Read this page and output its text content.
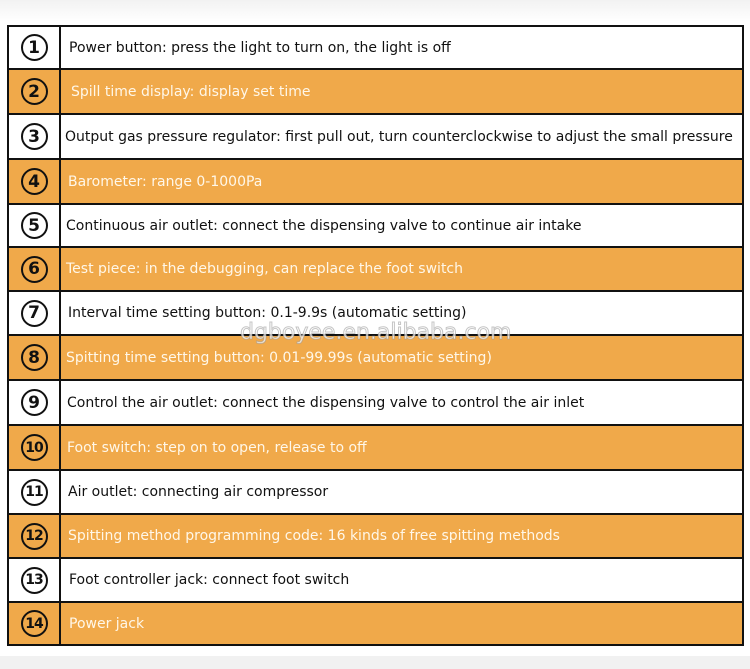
1	Power button: press the light to turn on, the light is off
2	Spill time display: display set time
3	Output gas pressure regulator: first pull out, turn counterclockwise to adjust the small pressure
4	Barometer: range 0-1000Pa
5	Continuous air outlet: connect the dispensing valve to continue air intake
6	Test piece: in the debugging, can replace the foot switch
7	Interval time setting button: 0.1-9.9s (automatic setting)
8	Spitting time setting button: 0.01-99.99s (automatic setting)
9	Control the air outlet: connect the dispensing valve to control the air inlet
10	Foot switch: step on to open, release to off
11	Air outlet: connecting air compressor
12	Spitting method programming code: 16 kinds of free spitting methods
13	Foot controller jack: connect foot switch
14	Power jack
dgboyee.en.alibaba.com
